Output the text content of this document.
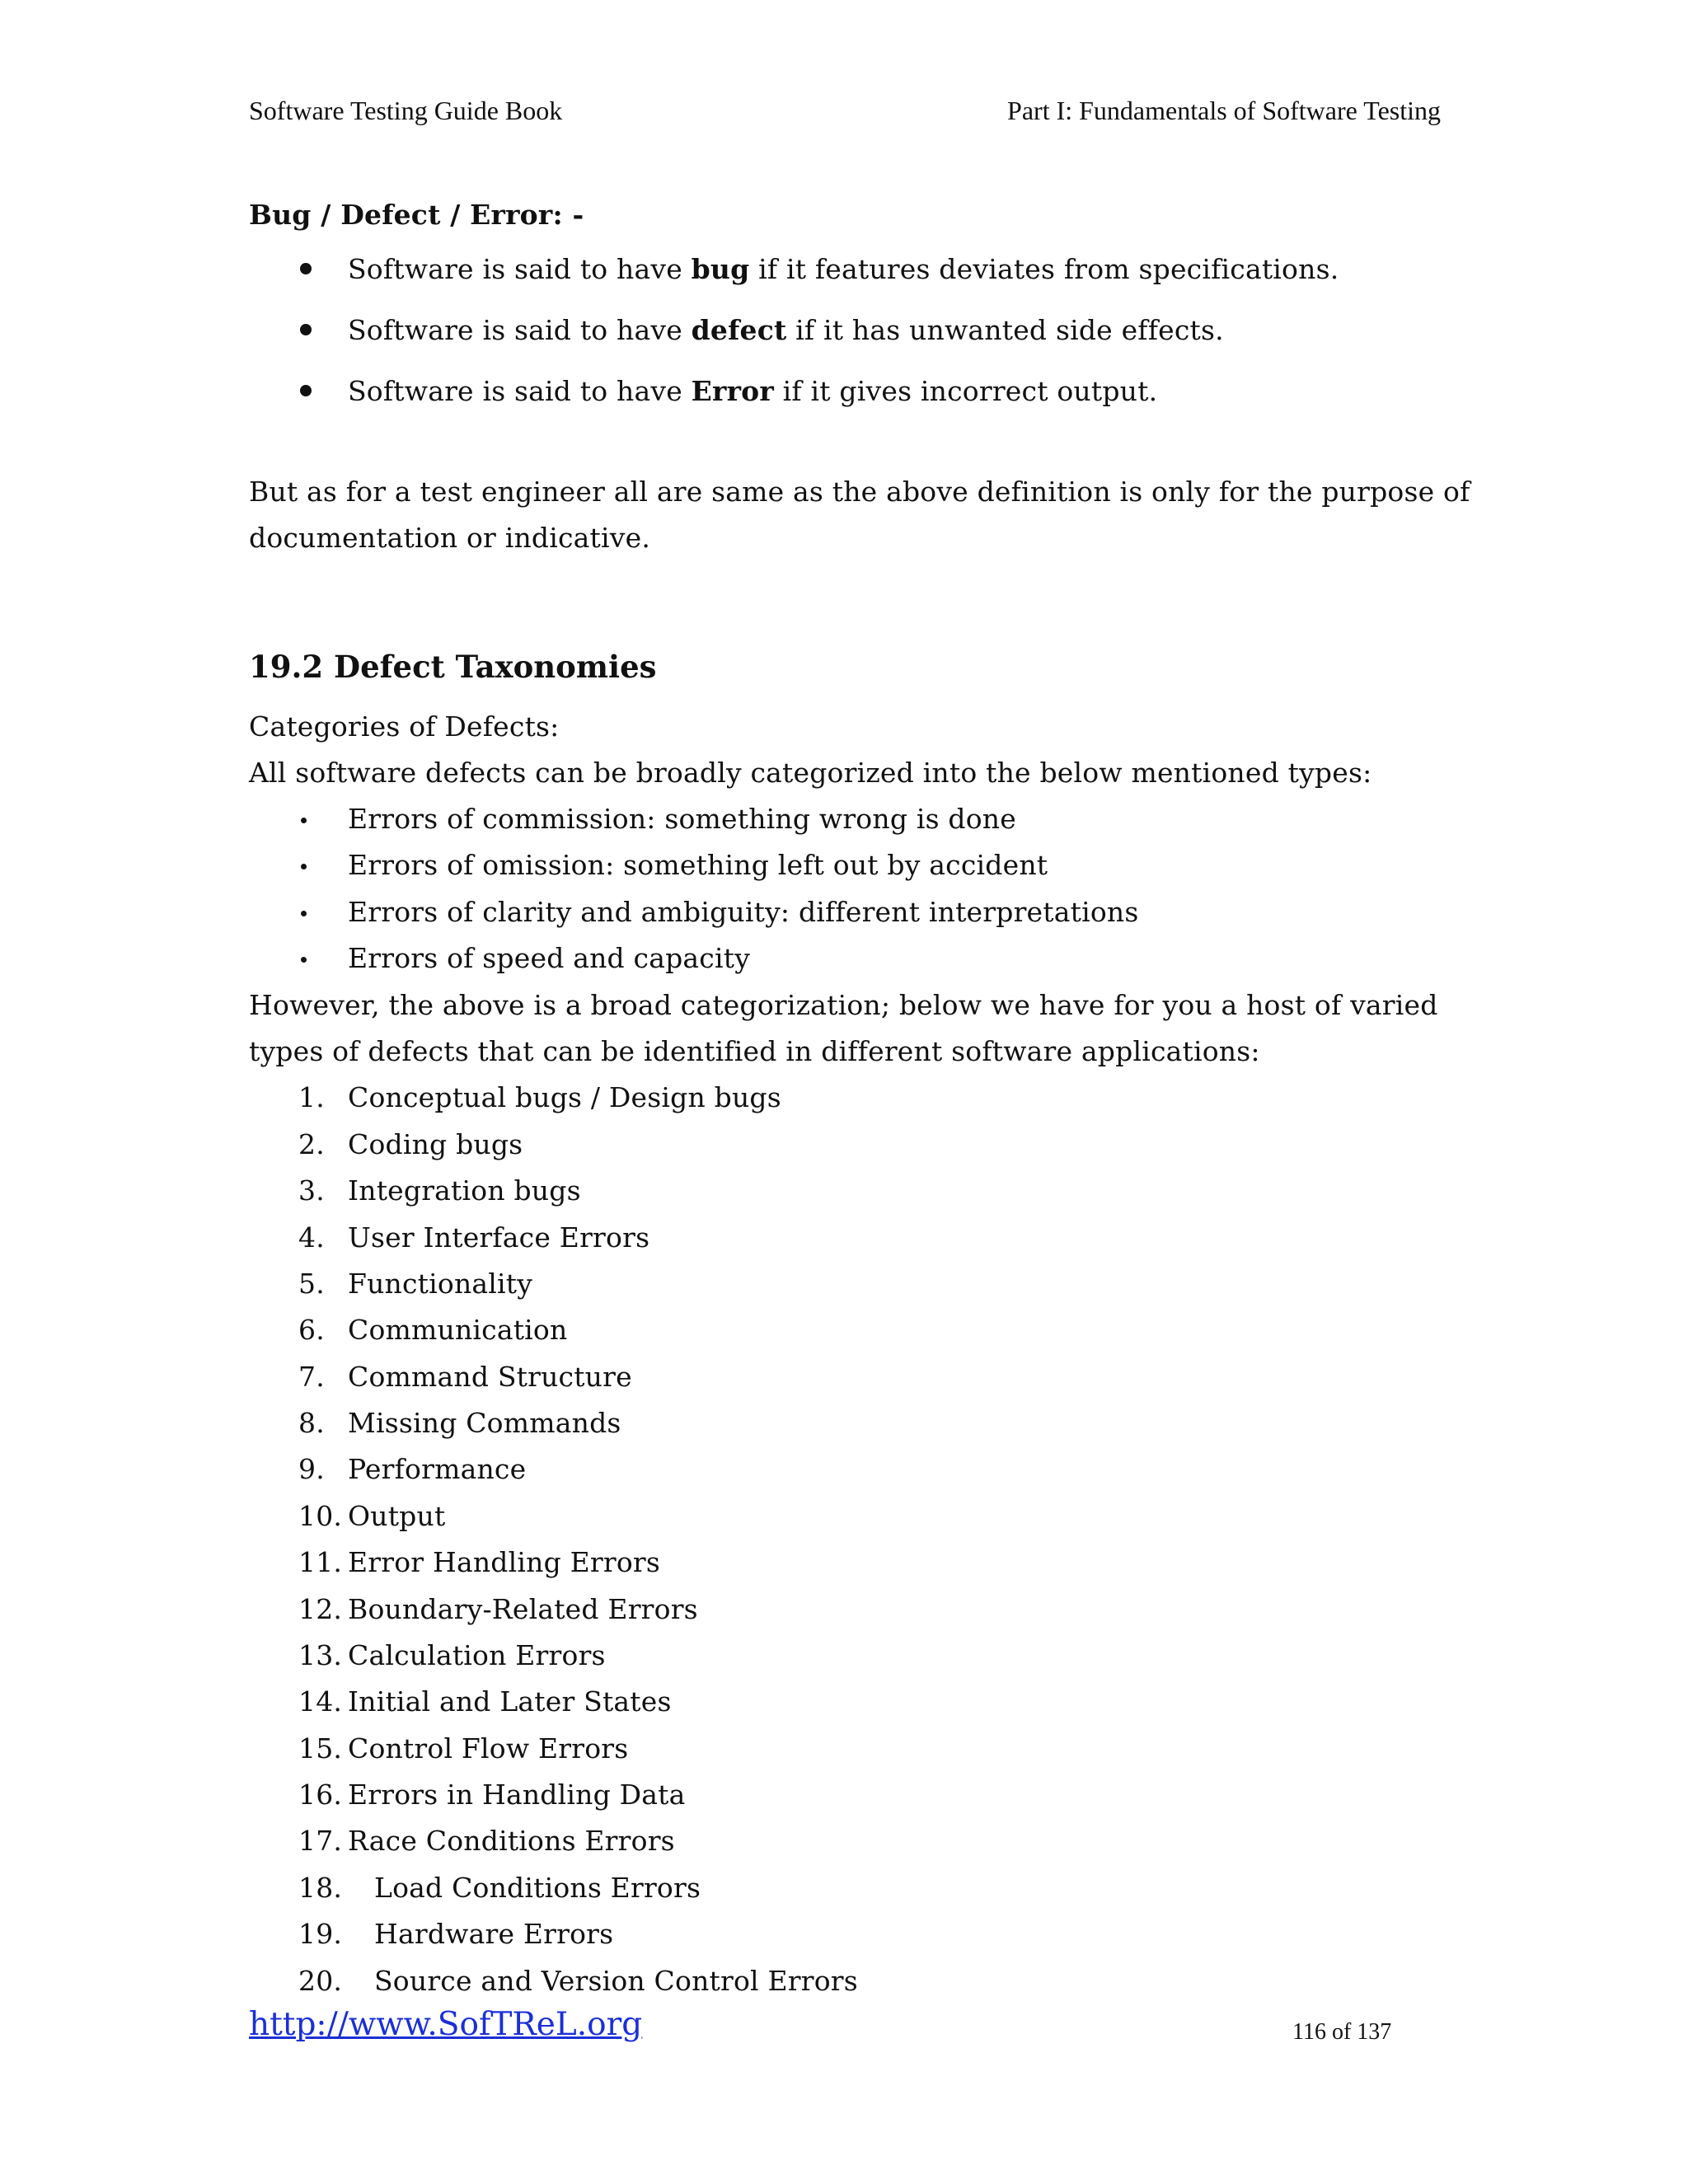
Software Testing Guide Book	Part I: Fundamentals of Software Testing
Bug / Defect / Error: -
Software is said to have bug if it features deviates from specifications.
Software is said to have defect if it has unwanted side effects.
Software is said to have Error if it gives incorrect output.
But as for a test engineer all are same as the above definition is only for the purpose of
documentation or indicative.
19.2 Defect Taxonomies
Categories of Defects:
All software defects can be broadly categorized into the below mentioned types:
Errors of commission: something wrong is done
Errors of omission: something left out by accident
Errors of clarity and ambiguity: different interpretations
Errors of speed and capacity
However, the above is a broad categorization; below we have for you a host of varied
types of defects that can be identified in different software applications:
1. Conceptual bugs / Design bugs
2. Coding bugs
3. Integration bugs
4. User Interface Errors
5. Functionality
6. Communication
7. Command Structure
8. Missing Commands
9. Performance
10. Output
11. Error Handling Errors
12. Boundary-Related Errors
13. Calculation Errors
14. Initial and Later States
15. Control Flow Errors
16. Errors in Handling Data
17. Race Conditions Errors
18. Load Conditions Errors
19. Hardware Errors
20. Source and Version Control Errors
http://www.SofTReL.org	116 of 137
